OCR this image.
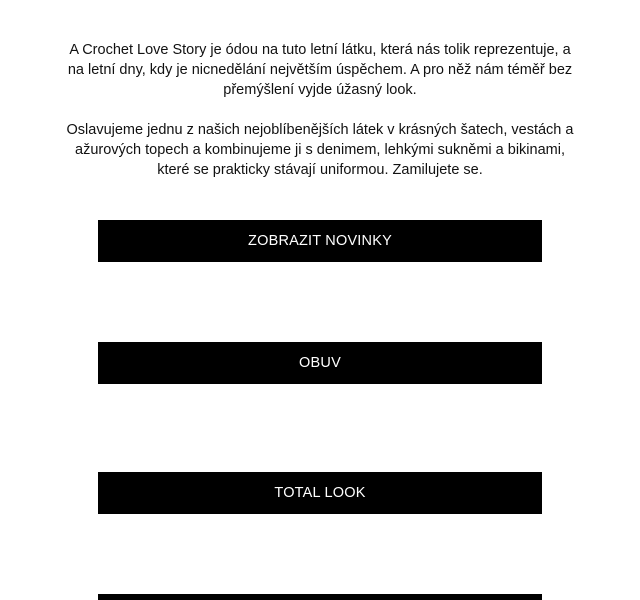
A Crochet Love Story je ódou na tuto letní látku, která nás tolik reprezentuje, a na letní dny, kdy je nicnedělání největším úspěchem. A pro něž nám téměř bez přemýšlení vyjde úžasný look.

Oslavujeme jednu z našich nejoblíbenějších látek v krásných šatech, vestách a ažurových topech a kombinujeme ji s denimem, lehkými sukněmi a bikinami, které se prakticky stávají uniformou. Zamilujete se.

ZOBRAZIT NOVINKY
OBUV
TOTAL LOOK
